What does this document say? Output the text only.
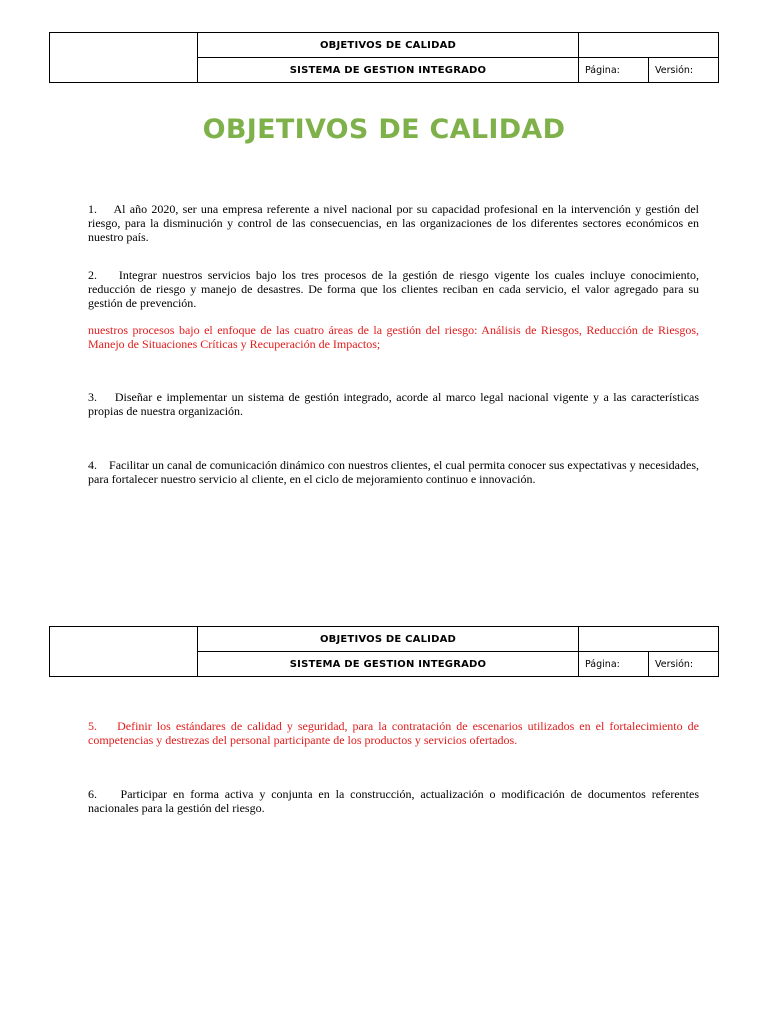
	OBJETIVOS DE CALIDAD		
	SISTEMA DE GESTION INTEGRADO	Página:	Versión:
OBJETIVOS DE CALIDAD
1.    Al año 2020, ser una empresa referente a nivel nacional por su capacidad profesional en la intervención y gestión del riesgo, para la disminución y control de las consecuencias, en las organizaciones de los diferentes sectores económicos en nuestro país.
2.    Integrar nuestros servicios bajo los tres procesos de la gestión de riesgo vigente los cuales incluye conocimiento, reducción de riesgo y manejo de desastres. De forma que los clientes reciban en cada servicio, el valor agregado para su gestión de prevención.
nuestros procesos bajo el enfoque de las cuatro áreas de la gestión del riesgo: Análisis de Riesgos, Reducción de Riesgos, Manejo de Situaciones Críticas y Recuperación de Impactos;
3.    Diseñar e implementar un sistema de gestión integrado, acorde al marco legal nacional vigente y a las características propias de nuestra organización.
4.    Facilitar un canal de comunicación dinámico con nuestros clientes, el cual permita conocer sus expectativas y necesidades, para fortalecer nuestro servicio al cliente, en el ciclo de mejoramiento continuo e innovación.
	OBJETIVOS DE CALIDAD		
	SISTEMA DE GESTION INTEGRADO	Página:	Versión:
5.    Definir los estándares de calidad y seguridad, para la contratación de escenarios utilizados en el fortalecimiento de competencias y destrezas del personal participante de los productos y servicios ofertados.
6.    Participar en forma activa y conjunta en la construcción, actualización o modificación de documentos referentes nacionales para la gestión del riesgo.
